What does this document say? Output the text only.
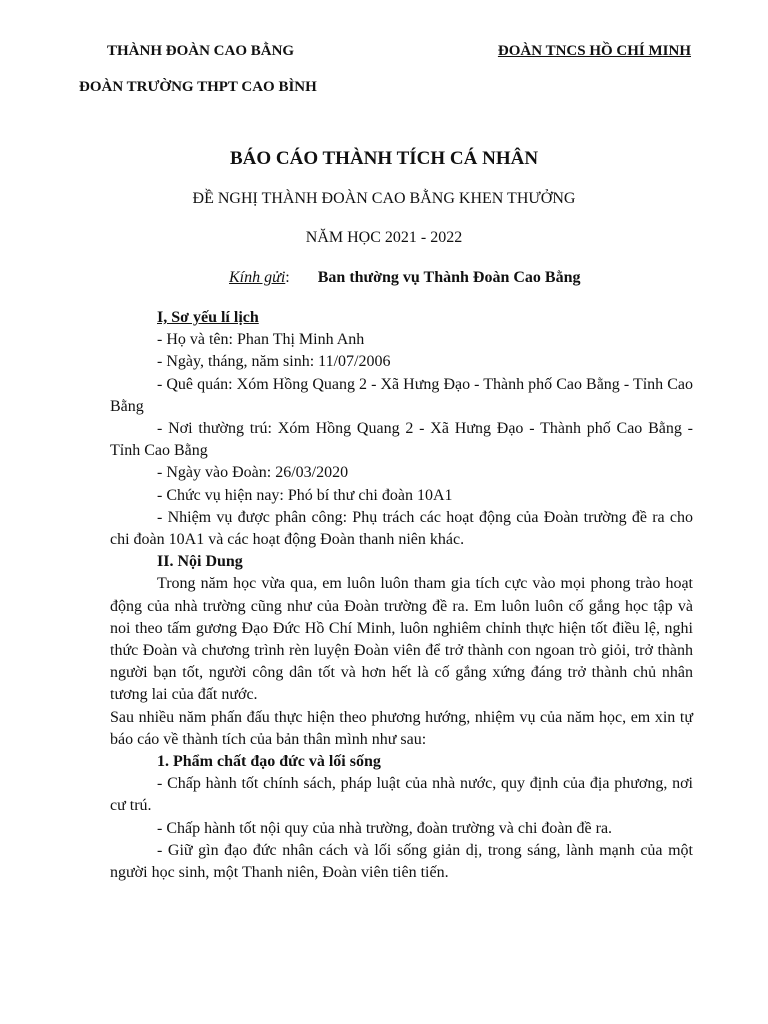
THÀNH ĐOÀN CAO BẰNG
ĐOÀN TRƯỜNG THPT CAO BÌNH
ĐOÀN TNCS HỒ CHÍ MINH
BÁO CÁO THÀNH TÍCH CÁ NHÂN
ĐỀ NGHỊ THÀNH ĐOÀN CAO BẰNG KHEN THƯỞNG
NĂM HỌC 2021 - 2022
Kính gửi: Ban thường vụ Thành Đoàn Cao Bằng

I, Sơ yếu lí lịch

- Họ và tên: Phan Thị Minh Anh

- Ngày, tháng, năm sinh: 11/07/2006

- Quê quán: Xóm Hồng Quang 2 - Xã Hưng Đạo - Thành phố Cao Bằng - Tỉnh Cao Bằng

- Nơi thường trú: Xóm Hồng Quang 2 - Xã Hưng Đạo - Thành phố Cao Bằng - Tỉnh Cao Bằng

- Ngày vào Đoàn: 26/03/2020

- Chức vụ hiện nay: Phó bí thư chi đoàn 10A1

- Nhiệm vụ được phân công: Phụ trách các hoạt động của Đoàn trường đề ra cho chi đoàn 10A1 và các hoạt động Đoàn thanh niên khác.

II. Nội Dung

Trong năm học vừa qua, em luôn luôn tham gia tích cực vào mọi phong trào hoạt động của nhà trường cũng như của Đoàn trường đề ra. Em luôn luôn cố gắng học tập và noi theo tấm gương Đạo Đức Hồ Chí Minh, luôn nghiêm chỉnh thực hiện tốt điều lệ, nghi thức Đoàn và chương trình rèn luyện Đoàn viên để trở thành con ngoan trò giỏi, trở thành người bạn tốt, người công dân tốt và hơn hết là cố gắng xứng đáng trở thành chủ nhân tương lai của đất nước.

Sau nhiều năm phấn đấu thực hiện theo phương hướng, nhiệm vụ của năm học, em xin tự báo cáo về thành tích của bản thân mình như sau:

1. Phẩm chất đạo đức và lối sống

- Chấp hành tốt chính sách, pháp luật của nhà nước, quy định của địa phương, nơi cư trú.

- Chấp hành tốt nội quy của nhà trường, đoàn trường và chi đoàn đề ra.

- Giữ gìn đạo đức nhân cách và lối sống giản dị, trong sáng, lành mạnh của một người học sinh, một Thanh niên, Đoàn viên tiên tiến.
